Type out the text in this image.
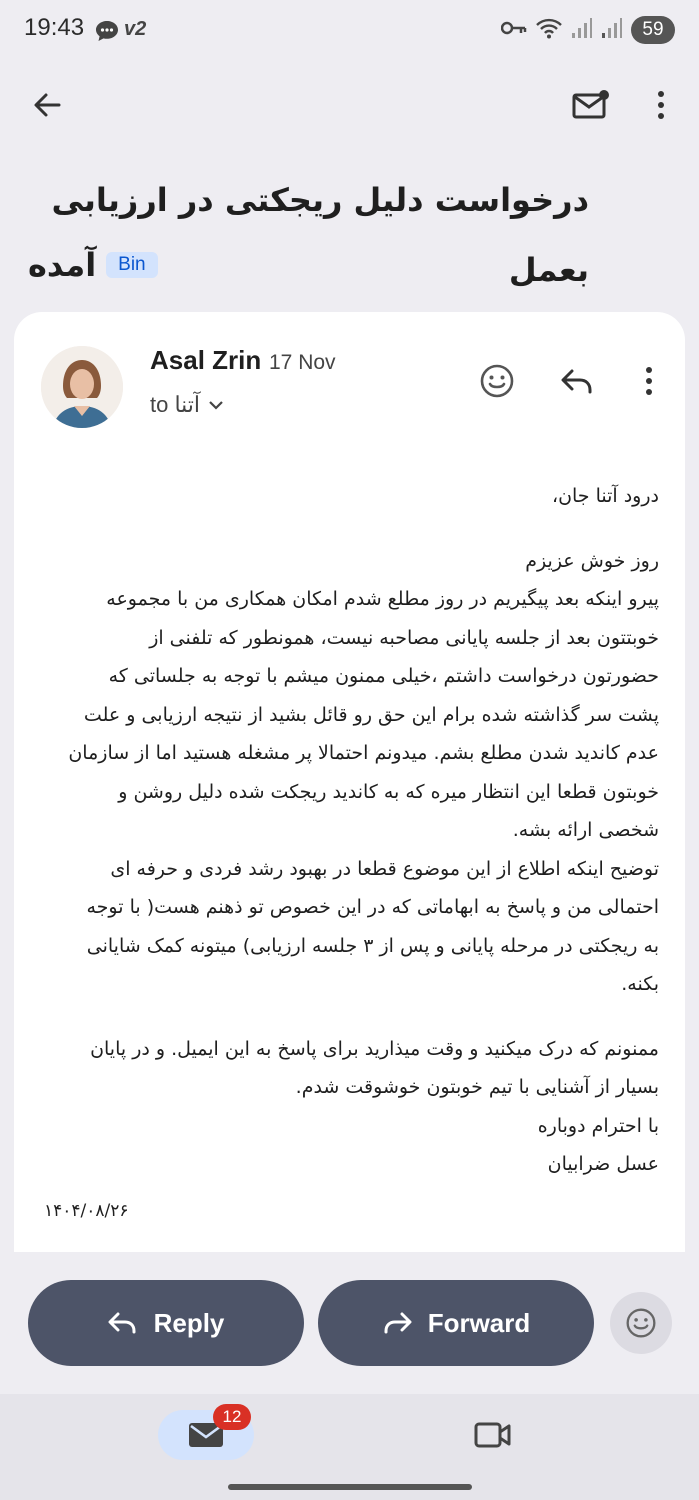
19:43 v2	59
درخواست دلیل ریجکتی در ارزیابی بعمل
آمده	Bin
Asal Zrin 17 Nov
to آتنا

درود آتنا جان،

روز خوش عزیزم

پیرو اینکه بعد پیگیریم در روز مطلع شدم امکان همکاری من با مجموعه

خوبتتون بعد از جلسه پایانی مصاحبه نیست، همونطور که تلفنی از

حضورتون درخواست داشتم ،خیلی ممنون میشم با توجه به جلساتی که

پشت سر گذاشته شده برام این حق رو قائل بشید از نتیجه ارزیابی و علت

عدم کاندید شدن مطلع بشم. میدونم احتمالا پر مشغله هستید اما از سازمان

خوبتون قطعا این انتظار میره که به کاندید ریجکت شده دلیل روشن و

شخصی ارائه بشه.

توضیح اینکه اطلاع از این موضوع قطعا در بهبود رشد فردی و حرفه ای

احتمالی من و پاسخ به ابهاماتی که در این خصوص تو ذهنم هست( با توجه

به ریجکتی در مرحله پایانی و پس از ۳ جلسه ارزیابی) میتونه کمک شایانی

بکنه.

ممنونم که درک میکنید و وقت میذارید برای پاسخ به این ایمیل. و در پایان

بسیار از آشنایی با تیم خوبتون خوشوقت شدم.

با احترام دوباره

عسل ضرابیان

۱۴۰۴/۰۸/۲۶

Reply	Forward
12
